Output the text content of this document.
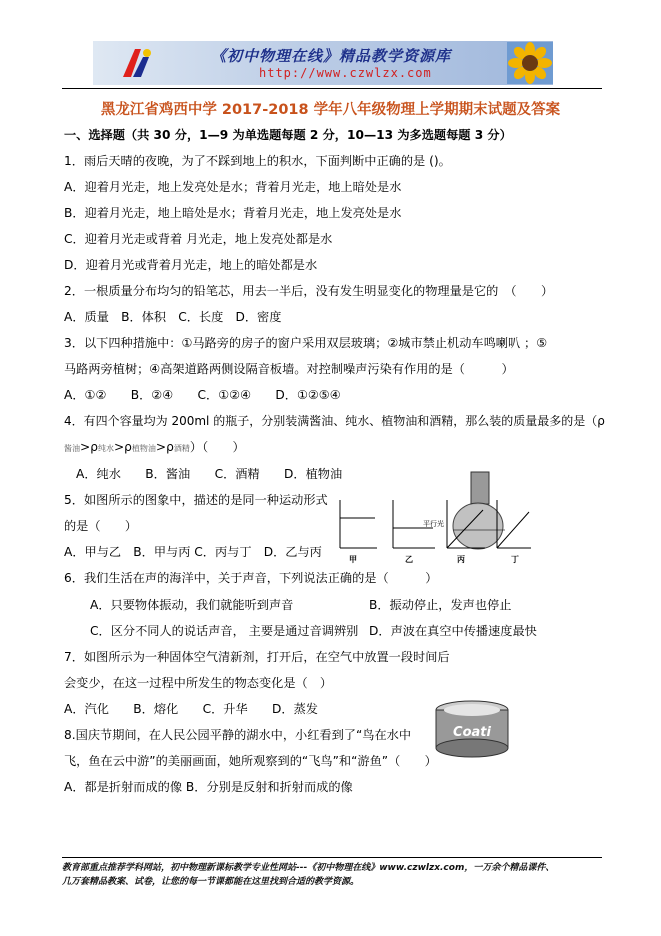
《初中物理在线》精品教学资源库
http://www.czwlzx.com
黑龙江省鸡西中学 2017-2018 学年八年级物理上学期期末试题及答案
一、选择题（共 30 分，1—9 为单选题每题 2 分，10—13 为多选题每题 3 分）
1．雨后天晴的夜晚，为了不踩到地上的积水，下面判断中正确的是 ()。
A．迎着月光走，地上发亮处是水；背着月光走，地上暗处是水
B．迎着月光走，地上暗处是水；背着月光走，地上发亮处是水
C．迎着月光走或背着 月光走，地上发亮处都是水
D．迎着月光或背着月光走，地上的暗处都是水
2．一根质量分布均匀的铅笔芯，用去一半后，没有发生明显变化的物理量是它的　（　　）
A．质量　B．体积　C．长度　D．密度
3．以下四种措施中：①马路旁的房子的窗户采用双层玻璃；②城市禁止机动车鸣喇叭 ；⑤
马路两旁植树；④高架道路两侧设隔音板墙。对控制噪声污染有作用的是（　　　）
A．①②　　B．②④　　C．①②④　　D．①②⑤④
4．有四个容量均为 200ml 的瓶子，分别装满酱油、纯水、植物油和酒精，那么装的质量最多的是（ρ
酱油>ρ纯水>ρ植物油>ρ酒精）（　　）
A．纯水　　B．酱油　　C．酒精　　D．植物油
5．如图所示的图象中，描述的是同一种运动形式
的是（　　）
A．甲与乙　B．甲与丙 C．丙与丁　D．乙与丙
平行光
甲	乙	丙	丁
6．我们生活在声的海洋中，关于声音，下列说法正确的是（　　　）
A．只要物体振动，我们就能听到声音	B．振动停止，发声也停止
C．区分不同人的说话声音， 主要是通过音调辨别 D．声波在真空中传播速度最快
7．如图所示为一种固体空气清新剂，打开后，在空气中放置一段时间后
会变少，在这一过程中所发生的物态变化是（　）
A．汽化　　B．熔化　　C．升华　　D．蒸发
Coati
8.国庆节期间，在人民公园平静的湖水中，小红看到了“鸟在水中
飞，鱼在云中游”的美丽画面，她所观察到的“飞鸟”和“游鱼”（　　）
A．都是折射而成的像 B．分别是反射和折射而成的像
教育部重点推荐学科网站，初中物理新课标教学专业性网站---《初中物理在线》www.czwlzx.com，一万余个精品课件、
几万套精品教案、试卷，让您的每一节课都能在这里找到合适的教学资源。
